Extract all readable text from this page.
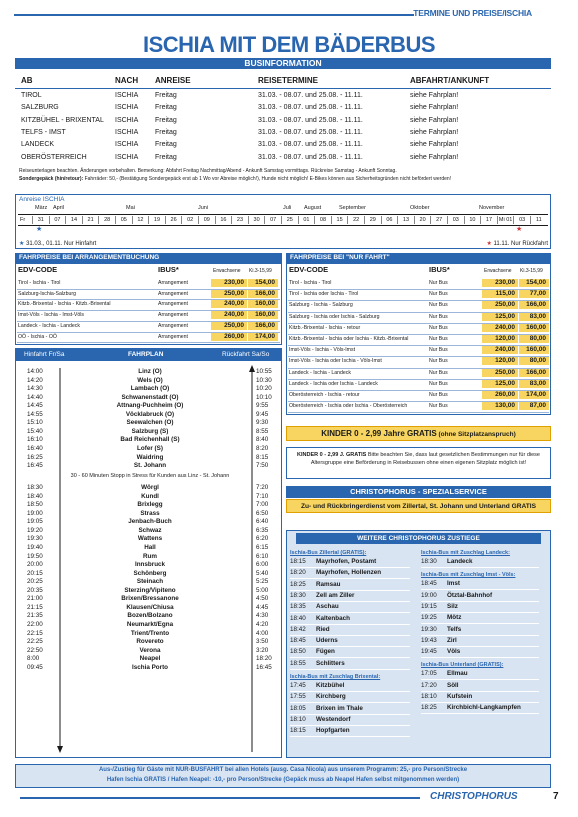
TERMINE UND PREISE/ISCHIA
ISCHIA MIT DEM BÄDERBUS
BUSINFORMATION
AB	NACH ANREISE	REISETERMINE	ABFAHRT/ANKUNFT
TIROL	ISCHIA Freitag	31.03. - 08.07. und 25.08. - 11.11.	siehe Fahrplan!
SALZBURG	ISCHIA Freitag	31.03. - 08.07. und 25.08. - 11.11.	siehe Fahrplan!
KITZBÜHEL - BRIXENTAL ISCHIA Freitag	31.03. - 08.07. und 25.08. - 11.11.	siehe Fahrplan!
TELFS - IMST	ISCHIA Freitag	31.03. - 08.07. und 25.08. - 11.11.	siehe Fahrplan!
LANDECK	ISCHIA Freitag	31.03. - 08.07. und 25.08. - 11.11.	siehe Fahrplan!
OBERÖSTERREICH	ISCHIA Freitag	31.03. - 08.07. und 25.08. - 11.11.	siehe Fahrplan!
Reiseunterlagen beachten. Änderungen vorbehalten. Bemerkung: Abfahrt Freitag Nachmittag/Abend - Ankunft Samstag vormittags. Rückreise Samstag - Ankunft Sonntag.
Sondergepäck (hin/retour): Fahrräder: 50,- (Bestätigung Sondergepäck erst ab 1 Wo vor Abreise möglich!), Hunde nicht möglich! E-Bikes können aus Sicherheitsgründen nicht befördert werden!
Anreise ISCHIA
März April	Mai	Juni	Juli August	September	Oktober	November
Fr	31	07	14	21	28	05	12	19	26	02	09	16	23	30	07	25	01	08	15	22	29	06	13	20	27	03	10	17	Mi 01	03	11
★	★
★ 31.03., 01.11. Nur Hinfahrt	★ 11.11. Nur Rückfahrt
FAHRPREISE BEI ARRANGEMENTBUCHUNG
EDV-CODE	IBUS*	Erwachsene Ki.3-15,99
Tirol - Ischia - Tirol	Arrangement	230,00	154,00
Salzburg-Ischia-Salzburg	Arrangement	250,00	166,00
Kitzb.-Brixental - Ischia - Kitzb.-Brixental	Arrangement	240,00	160,00
Imst-Völs - Ischia - Imst-Völs	Arrangement	240,00	160,00
Landeck - Ischia - Landeck	Arrangement	250,00	166,00
OÖ - Ischia - OÖ	Arrangement	260,00	174,00
FAHRPREISE BEI "NUR FAHRT"
EDV-CODE	IBUS*	Erwachsene Ki.3-15,99
Tirol - Ischia - Tirol	Nur Bus	230,00	154,00
Tirol - Ischia oder Ischia - Tirol	Nur Bus	115,00	77,00
Salzburg - Ischia - Salzburg	Nur Bus	250,00	166,00
Salzburg - Ischia oder Ischia - Salzburg	Nur Bus	125,00	83,00
Kitzb.-Brixental - Ischia - retour	Nur Bus	240,00	160,00
Kitzb.-Brixental - Ischia oder Ischia - Kitzb.-Brixental	Nur Bus	120,00	80,00
Imst-Völs - Ischia - Völs-Imst	Nur Bus	240,00	160,00
Imst-Völs - Ischia oder Ischia - Völs-Imst	Nur Bus	120,00	80,00
Landeck - Ischia - Landeck	Nur Bus	250,00	166,00
Landeck - Ischia oder Ischia - Landeck	Nur Bus	125,00	83,00
Oberösterreich - Ischia - retour	Nur Bus	260,00	174,00
Oberösterreich - Ischia oder Ischia - Oberösterreich	Nur Bus	130,00	87,00
KINDER 0 - 2,99 Jahre GRATIS (ohne Sitzplatzanspruch)
KINDER 0 - 2,99 J. GRATIS Bitte beachten Sie, dass laut gesetzlichen Bestimmungen nur für diese Altersgruppe eine Beförderung in Reisebussen ohne einen eigenen Sitzplatz möglich ist!
CHRISTOPHORUS - SPEZIALSERVICE
Zu- und Rückbringerdienst vom Zillertal, St. Johann und Unterland GRATIS
WEITERE CHRISTOPHORUS ZUSTIEGE
Ischia-Bus Zillertal (GRATIS):
18:15 Mayrhofen, Postamt
18:20 Mayrhofen, Hollenzen
18:25 Ramsau
18:30 Zell am Ziller
18:35 Aschau
18:40 Kaltenbach
18:42 Ried
18:45 Uderns
18:50 Fügen
18:55 Schlitters
Ischia-Bus mit Zuschlag Brixental:
17:45 Kitzbühel
17:55 Kirchberg
18:05 Brixen im Thale
18:10 Westendorf
18:15 Hopfgarten
Ischia-Bus mit Zuschlag Landeck:
18:30 Landeck
Ischia-Bus mit Zuschlag Imst - Völs:
18:45 Imst
19:00 Ötztal-Bahnhof
19:15 Silz
19:25 Mötz
19:30 Telfs
19:43 Zirl
19:45 Völs
Ischia-Bus Unterland (GRATIS):
17:05 Ellmau
17:20 Söll
18:10 Kufstein
18:25 Kirchbichl-Langkampfen
Hinfahrt Fr/Sa	FAHRPLAN	Rückfahrt Sa/So
14:00	Linz (O)	10:55
14:20	Wels (O)	10:30
14:30	Lambach (O)	10:20
14:40	Schwanenstadt (O)	10:10
14:45	Attnang-Puchheim (O)	9:55
14:55	Vöcklabruck (O)	9:45
15:10	Seewalchen (O)	9:30
15:40	Salzburg (S)	8:55
16:10	Bad Reichenhall (S)	8:40
16:40	Lofer (S)	8:20
16:25	Waidring	8:15
16:45	St. Johann	7:50
30 - 60 Minuten Stopp in Stress für Kunden aus Linz - St. Johann
18:30	Wörgl	7:20
18:40	Kundl	7:10
18:50	Brixlegg	7:00
19:00	Strass	6:50
19:05	Jenbach-Buch	6:40
19:20	Schwaz	6:35
19:30	Wattens	6:20
19:40	Hall	6:15
19:50	Rum	6:10
20:00	Innsbruck	6:00
20:15	Schönberg	5:40
20:25	Steinach	5:25
20:35	Sterzing/Vipiteno	5:00
21:00	Brixen/Bressanone	4:50
21:15	Klausen/Chiusa	4:45
21:35	Bozen/Bolzano	4:30
22:00	Neumarkt/Egna	4:20
22:15	Trient/Trento	4:00
22:25	Rovereto	3:50
22:50	Verona	3:20
8:00	Neapel	18:20
09:45	Ischia Porto	16:45
Aus-/Zustieg für Gäste mit NUR-BUSFAHRT bei allen Hotels (ausg. Casa Nicola) aus unserem Programm: 25,- pro Person/Strecke
Hafen Ischia GRATIS / Hafen Neapel: -10,- pro Person/Strecke (Gepäck muss ab Neapel Hafen selbst mitgenommen werden)
CHRISTOPHORUS	7
